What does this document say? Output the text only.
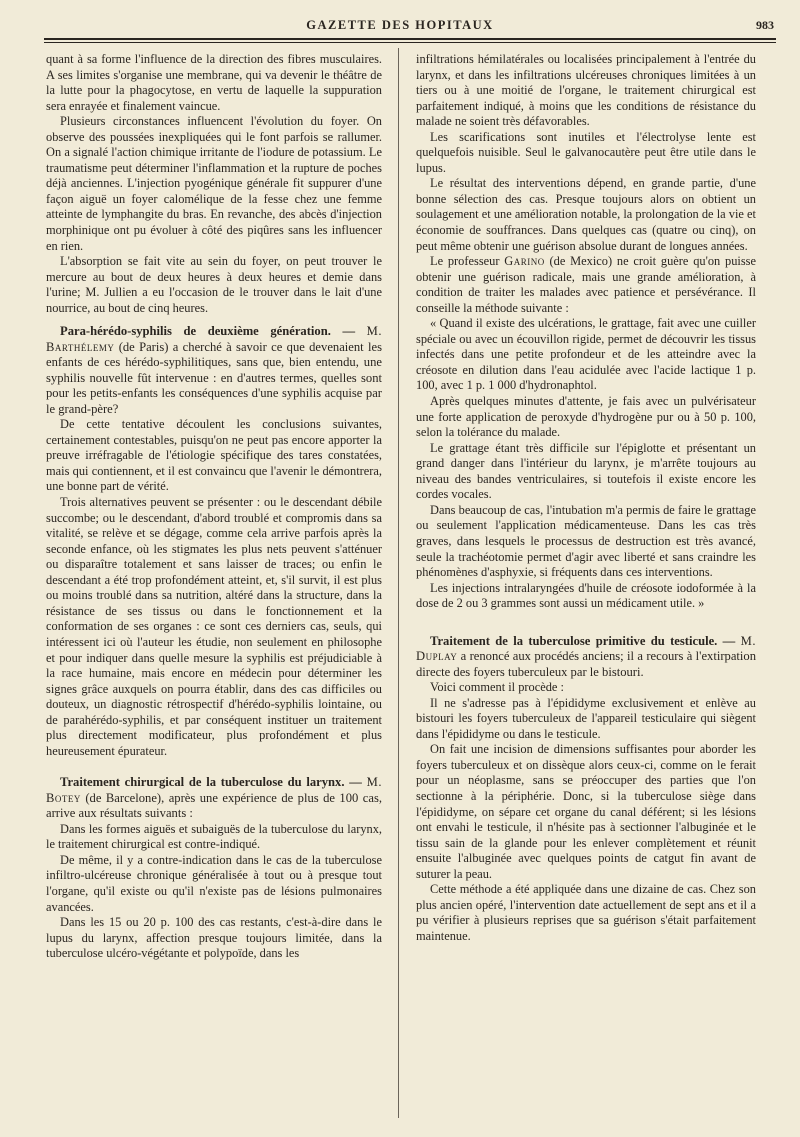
GAZETTE DES HOPITAUX	983

quant à sa forme l'influence de la direction des fibres musculaires. A ses limites s'organise une membrane, qui va devenir le théâtre de la lutte pour la phagocytose, en vertu de laquelle la suppuration sera enrayée et finalement vaincue.

Plusieurs circonstances influencent l'évolution du foyer. On observe des poussées inexpliquées qui le font parfois se rallumer. On a signalé l'action chimique irritante de l'iodure de potassium. Le traumatisme peut déterminer l'inflammation et la rupture de poches déjà anciennes. L'injection pyogénique générale fit suppurer d'une façon aiguë un foyer calomélique de la fesse chez une femme atteinte de lymphangite du bras. En revanche, des abcès d'injection morphinique ont pu évoluer à côté des piqûres sans les influencer en rien.

L'absorption se fait vite au sein du foyer, on peut trouver le mercure au bout de deux heures à deux heures et demie dans l'urine; M. Jullien a eu l'occasion de le trouver dans le lait d'une nourrice, au bout de cinq heures.

Para-hérédo-syphilis de deuxième génération. — M. Barthélemy (de Paris) a cherché à savoir ce que devenaient les enfants de ces hérédo-syphilitiques, sans que, bien entendu, une syphilis nouvelle fût intervenue : en d'autres termes, quelles sont pour les petits-enfants les conséquences d'une syphilis acquise par le grand-père?

De cette tentative découlent les conclusions suivantes, certainement contestables, puisqu'on ne peut pas encore apporter la preuve irréfragable de l'étiologie spécifique des tares constatées, mais qui contiennent, et il est convaincu que l'avenir le démontrera, une bonne part de vérité.

Trois alternatives peuvent se présenter : ou le descendant débile succombe; ou le descendant, d'abord troublé et compromis dans sa vitalité, se relève et se dégage, comme cela arrive parfois après la seconde enfance, où les stigmates les plus nets peuvent s'atténuer ou disparaître totalement et sans laisser de traces; ou enfin le descendant a été trop profondément atteint, et, s'il survit, il est plus ou moins troublé dans sa nutrition, altéré dans la structure, dans la résistance de ses tissus ou dans le fonctionnement et la conformation de ses organes : ce sont ces derniers cas, seuls, qui intéressent ici où l'auteur les étudie, non seulement en philosophe et pour indiquer dans quelle mesure la syphilis est préjudiciable à la race humaine, mais encore en médecin pour déterminer les signes grâce auxquels on pourra établir, dans des cas difficiles ou douteux, un diagnostic rétrospectif d'hérédo-syphilis lointaine, ou de parahérédo-syphilis, et par conséquent instituer un traitement plus directement modificateur, plus profondément et plus heureusement épurateur.

Traitement chirurgical de la tuberculose du larynx. — M. Botey (de Barcelone), après une expérience de plus de 100 cas, arrive aux résultats suivants :

Dans les formes aiguës et subaiguës de la tuberculose du larynx, le traitement chirurgical est contre-indiqué.

De même, il y a contre-indication dans le cas de la tuberculose infiltro-ulcéreuse chronique généralisée à tout ou à presque tout l'organe, qu'il existe ou qu'il n'existe pas de lésions pulmonaires avancées.

Dans les 15 ou 20 p. 100 des cas restants, c'est-à-dire dans le lupus du larynx, affection presque toujours limitée, dans la tuberculose ulcéro-végétante et polypoïde, dans les

infiltrations hémilatérales ou localisées principalement à l'entrée du larynx, et dans les infiltrations ulcéreuses chroniques limitées à un tiers ou à une moitié de l'organe, le traitement chirurgical est parfaitement indiqué, à moins que les conditions de résistance du malade ne soient très défavorables.

Les scarifications sont inutiles et l'électrolyse lente est quelquefois nuisible. Seul le galvanocautère peut être utile dans le lupus.

Le résultat des interventions dépend, en grande partie, d'une bonne sélection des cas. Presque toujours alors on obtient un soulagement et une amélioration notable, la prolongation de la vie et économie de souffrances. Dans quelques cas (quatre ou cinq), on peut même obtenir une guérison absolue durant de longues années.

Le professeur Garino (de Mexico) ne croit guère qu'on puisse obtenir une guérison radicale, mais une grande amélioration, à condition de traiter les malades avec patience et persévérance. Il conseille la méthode suivante :

« Quand il existe des ulcérations, le grattage, fait avec une cuiller spéciale ou avec un écouvillon rigide, permet de découvrir les tissus infectés dans une petite profondeur et de les atteindre avec la créosote en dilution dans l'eau acidulée avec l'acide lactique 1 p. 100, avec 1 p. 1 000 d'hydronaphtol.

Après quelques minutes d'attente, je fais avec un pulvérisateur une forte application de peroxyde d'hydrogène pur ou à 50 p. 100, selon la tolérance du malade.

Le grattage étant très difficile sur l'épiglotte et présentant un grand danger dans l'intérieur du larynx, je m'arrête toujours au niveau des bandes ventriculaires, si toutefois il existe encore les cordes vocales.

Dans beaucoup de cas, l'intubation m'a permis de faire le grattage ou seulement l'application médicamenteuse. Dans les cas très graves, dans lesquels le processus de destruction est très avancé, seule la trachéotomie permet d'agir avec liberté et sans craindre les phénomènes d'asphyxie, si fréquents dans ces interventions.

Les injections intralaryngées d'huile de créosote iodoformée à la dose de 2 ou 3 grammes sont aussi un médicament utile. »

Traitement de la tuberculose primitive du testicule. — M. Duplay a renoncé aux procédés anciens; il a recours à l'extirpation directe des foyers tuberculeux par le bistouri.

Voici comment il procède :

Il ne s'adresse pas à l'épididyme exclusivement et enlève au bistouri les foyers tuberculeux de l'appareil testiculaire qui siègent dans l'épididyme ou dans le testicule.

On fait une incision de dimensions suffisantes pour aborder les foyers tuberculeux et on dissèque alors ceux-ci, comme on le ferait pour un néoplasme, sans se préoccuper des parties que l'on sectionne à la périphérie. Donc, si la tuberculose siège dans l'épididyme, on sépare cet organe du canal déférent; si les lésions ont envahi le testicule, il n'hésite pas à sectionner l'albuginée et le tissu sain de la glande pour les enlever complètement et réunit ensuite l'albuginée avec quelques points de catgut fin avant de suturer la peau.

Cette méthode a été appliquée dans une dizaine de cas. Chez son plus ancien opéré, l'intervention date actuellement de sept ans et il a pu vérifier à plusieurs reprises que sa guérison s'était parfaitement maintenue.
